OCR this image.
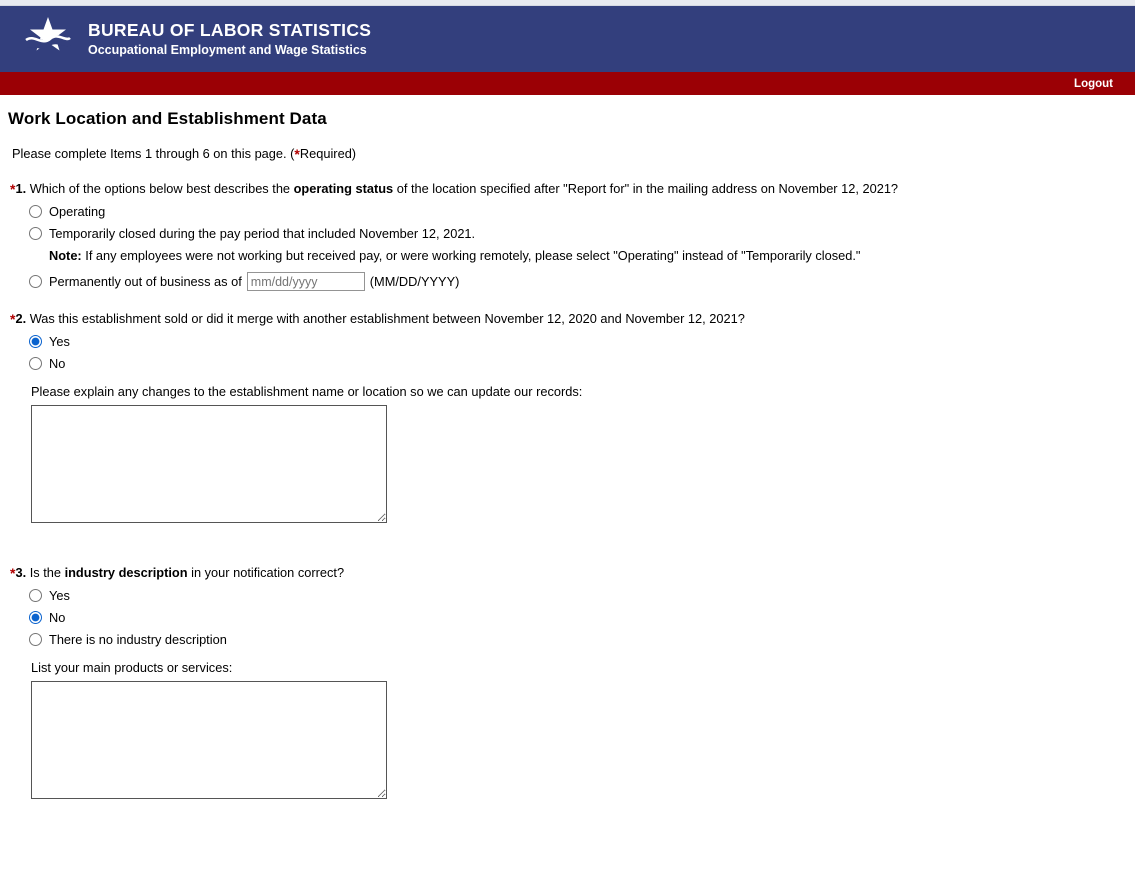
BUREAU OF LABOR STATISTICS
Occupational Employment and Wage Statistics
Logout
Work Location and Establishment Data
Please complete Items 1 through 6 on this page. (*Required)
*1. Which of the options below best describes the operating status of the location specified after "Report for" in the mailing address on November 12, 2021?
Operating
Temporarily closed during the pay period that included November 12, 2021.
Note: If any employees were not working but received pay, or were working remotely, please select "Operating" instead of "Temporarily closed."
Permanently out of business as of
mm/dd/yyyy	(MM/DD/YYYY)
*2. Was this establishment sold or did it merge with another establishment between November 12, 2020 and November 12, 2021?
Yes
No
Please explain any changes to the establishment name or location so we can update our records:
*3. Is the industry description in your notification correct?
Yes
No
There is no industry description
List your main products or services:
